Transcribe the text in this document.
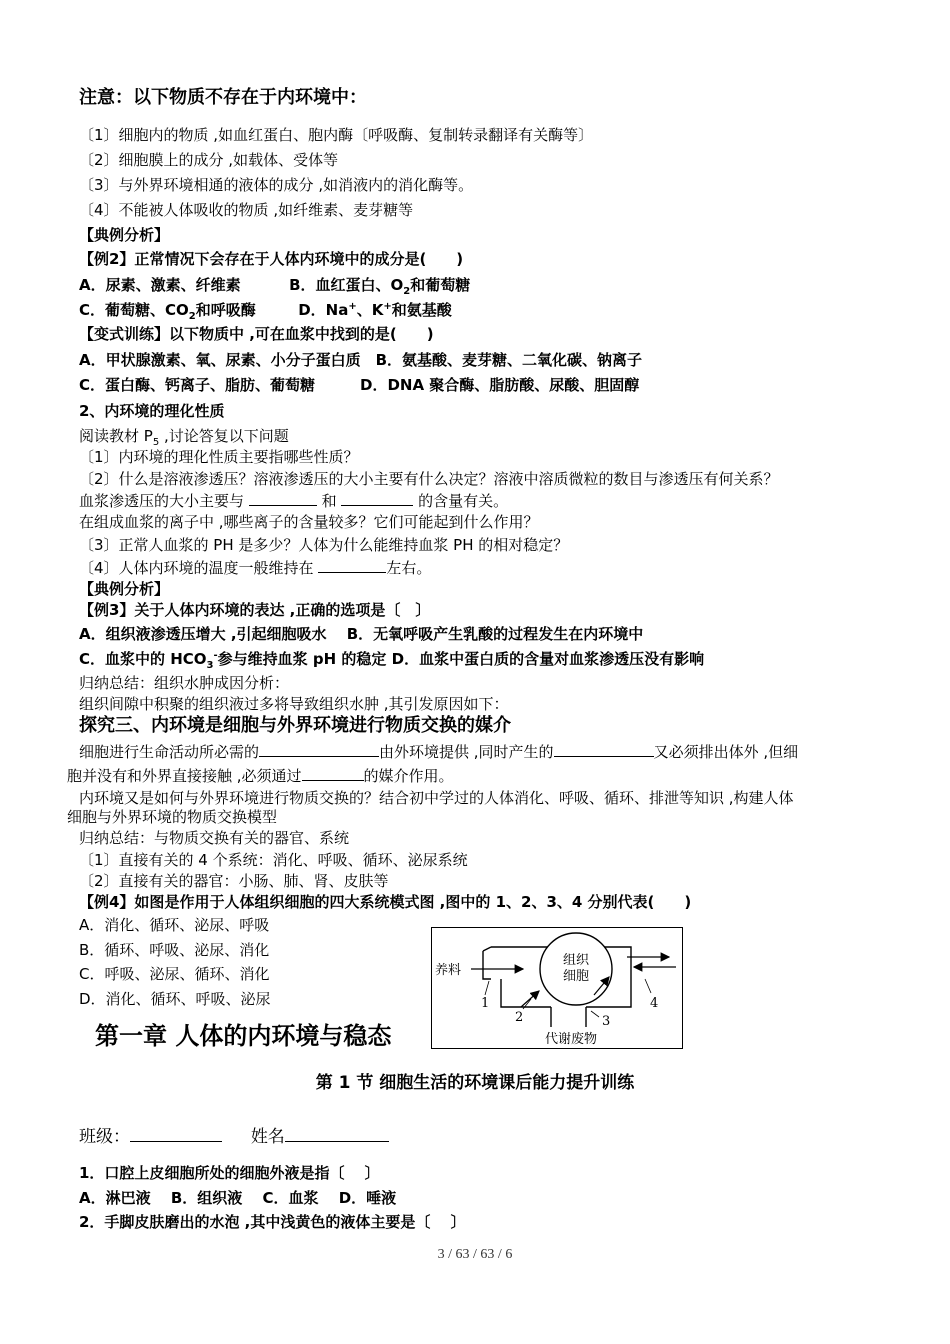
注意：以下物质不存在于内环境中：
〔1〕细胞内的物质 ,如血红蛋白、胞内酶〔呼吸酶、复制转录翻译有关酶等〕
〔2〕细胞膜上的成分 ,如载体、受体等
〔3〕与外界环境相通的液体的成分 ,如消液内的消化酶等。
〔4〕不能被人体吸收的物质 ,如纤维素、麦芽糖等
【典例分析】
【例2】正常情况下会存在于人体内环境中的成分是(　　)
A．尿素、激素、纤维素	B．血红蛋白、$O_2$和葡萄糖
C．葡萄糖、$CO_2$和呼吸酶	D．Na+、K+和氨基酸
【变式训练】以下物质中 ,可在血浆中找到的是(　　)
A．甲状腺激素、氧、尿素、小分子蛋白质　B．氨基酸、麦芽糖、二氧化碳、钠离子
C．蛋白酶、钙离子、脂肪、葡萄糖　　　D．DNA 聚合酶、脂肪酸、尿酸、胆固醇
2、内环境的理化性质
阅读教材 $P_5$ ,讨论答复以下问题
〔1〕内环境的理化性质主要指哪些性质？
〔2〕什么是溶液渗透压？溶液渗透压的大小主要有什么决定？溶液中溶质微粒的数目与渗透压有何关系？
血浆渗透压的大小主要与	和	的含量有关。
在组成血浆的离子中 ,哪些离子的含量较多？它们可能起到什么作用？
〔3〕正常人血浆的 PH 是多少？人体为什么能维持血浆 PH 的相对稳定？
〔4〕人体内环境的温度一般维持在	左右。
【典例分析】
【例3】关于人体内环境的表达 ,正确的选项是〔　〕
A．组织液渗透压增大 ,引起细胞吸水　 B．无氧呼吸产生乳酸的过程发生在内环境中
C．血浆中的 $HCO_3^-$参与维持血浆 pH 的稳定 D．血浆中蛋白质的含量对血浆渗透压没有影响
归纳总结：组织水肿成因分析：
组织间隙中积聚的组织液过多将导致组织水肿 ,其引发原因如下：
探究三、内环境是细胞与外界环境进行物质交换的媒介
细胞进行生命活动所必需的	由外环境提供 ,同时产生的	又必须排出体外 ,但细
胞并没有和外界直接接触 ,必须通过	的媒介作用。
内环境又是如何与外界环境进行物质交换的？结合初中学过的人体消化、呼吸、循环、排泄等知识 ,构建人体
细胞与外界环境的物质交换模型
归纳总结：与物质交换有关的器官、系统
〔1〕直接有关的 4 个系统：消化、呼吸、循环、泌尿系统
〔2〕直接有关的器官：小肠、肺、肾、皮肤等
【例4】如图是作用于人体组织细胞的四大系统模式图 ,图中的 1、2、3、4 分别代表(　　)
A．消化、循环、泌尿、呼吸
B．循环、呼吸、泌尿、消化
C．呼吸、泌尿、循环、消化
D．消化、循环、呼吸、泌尿
组织
细胞
养料
1
2	3
4
代谢废物
第一章 人体的内环境与稳态
第 1 节 细胞生活的环境课后能力提升训练
班级：	姓名
1．口腔上皮细胞所处的细胞外液是指〔　 〕
A．淋巴液　 B．组织液　 C．血浆　 D．唾液
2．手脚皮肤磨出的水泡 ,其中浅黄色的液体主要是〔　 〕
3 / 63 / 63 / 6
